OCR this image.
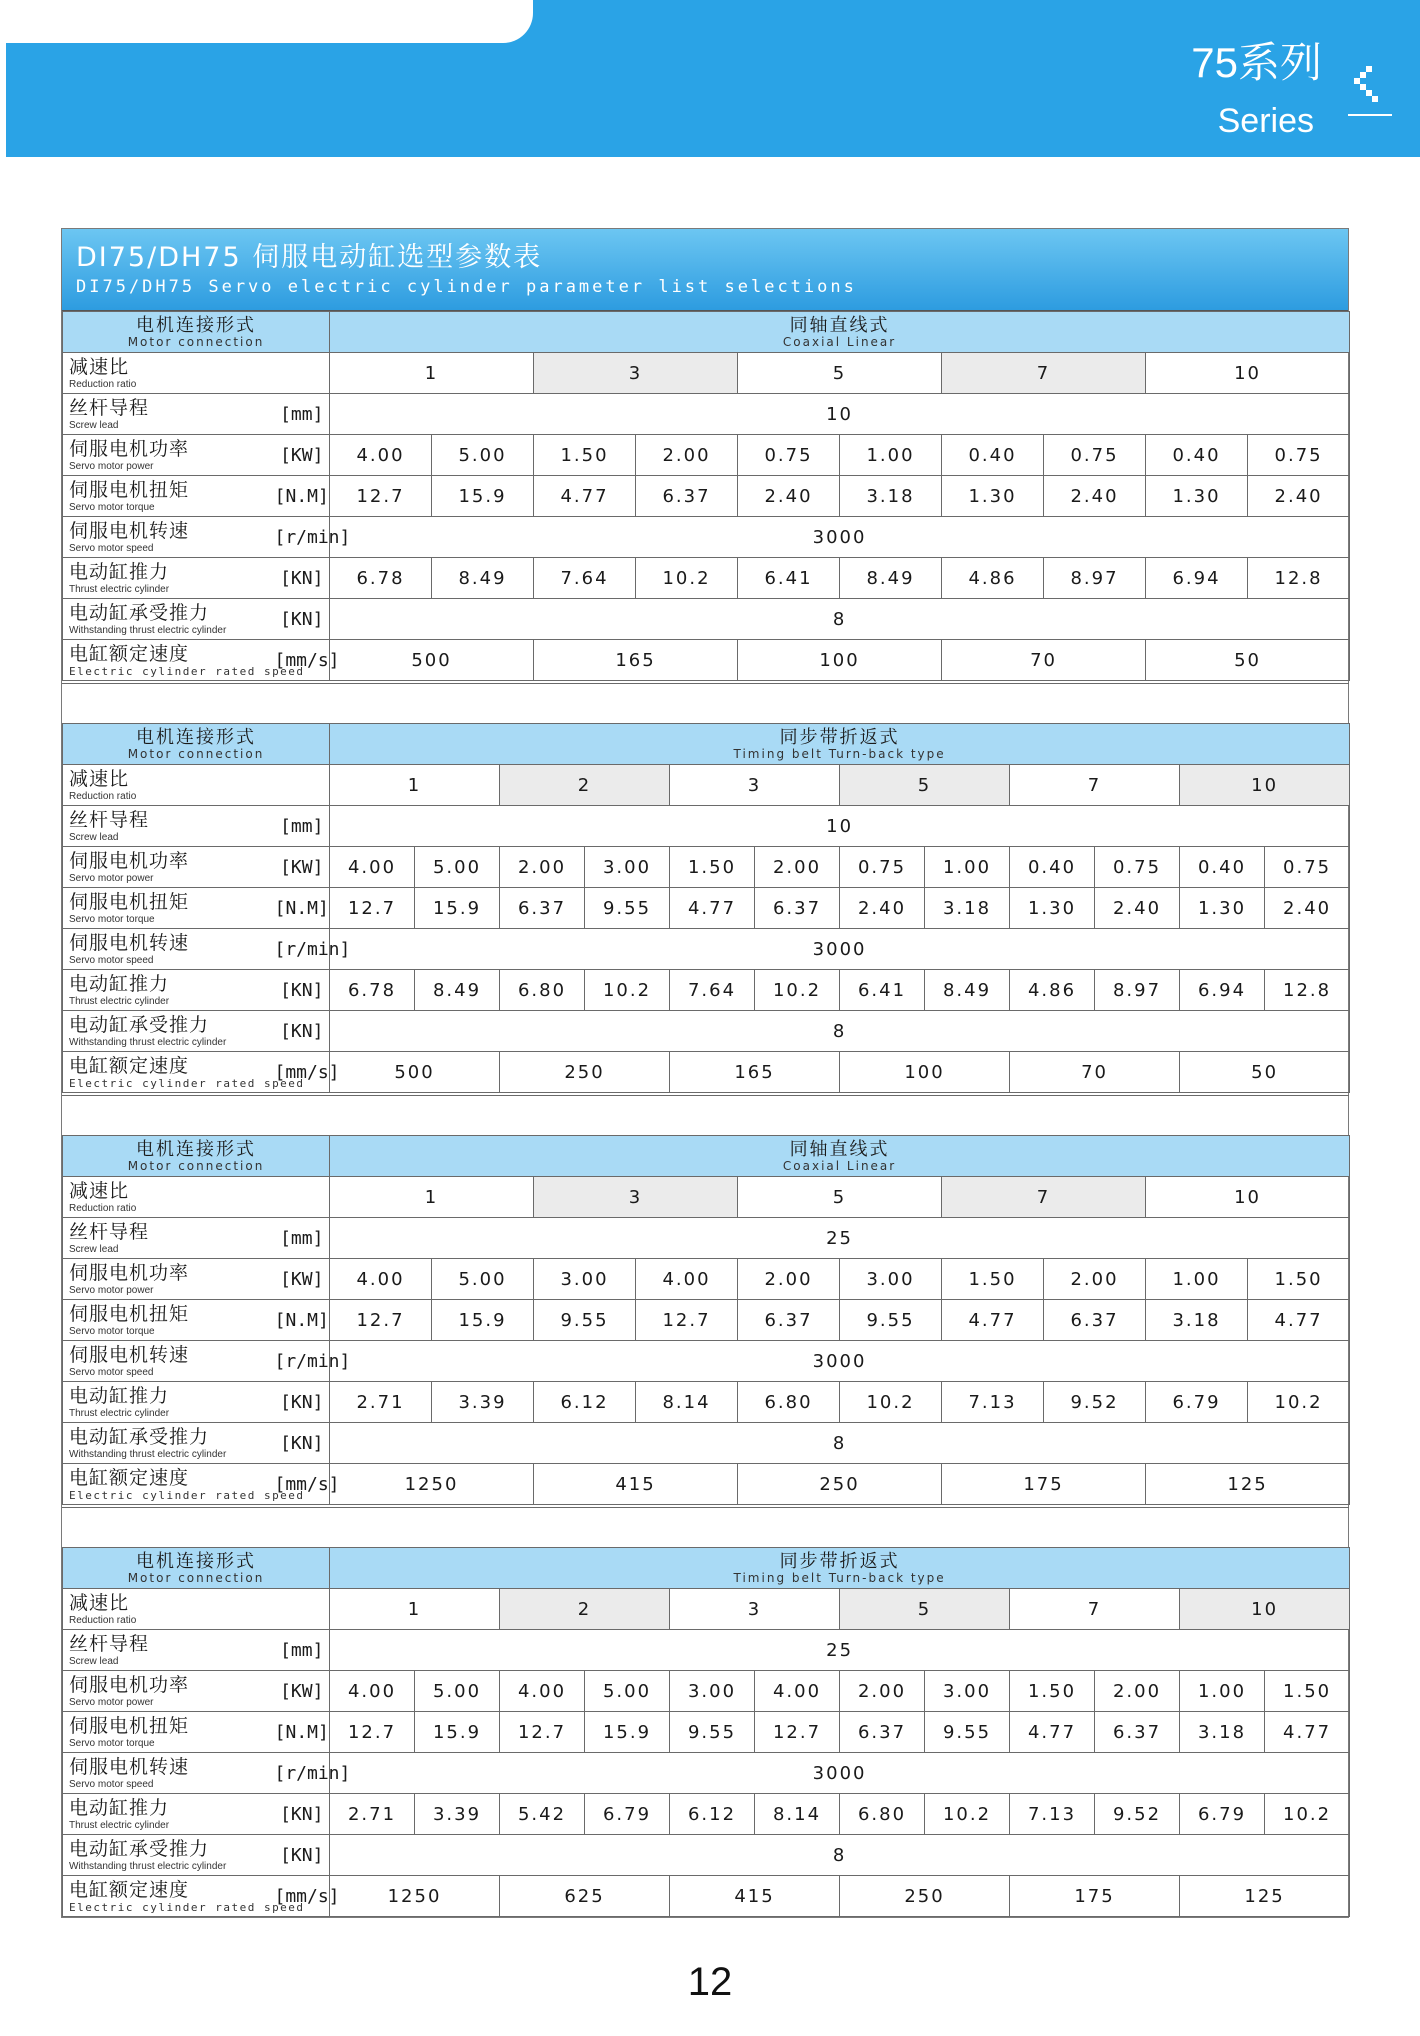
75系列
Series
DI75/DH75 伺服电动缸选型参数表
DI75/DH75 Servo electric cylinder parameter list selections
电机连接形式
Motor connection		同轴直线式
Coaxial Linear									

减速比
Reduction ratio		1		3		5		7		10	

丝杆导程
Screw lead	[mm]	10									

伺服电机功率
Servo motor power	[KW]	4.00	5.00	1.50	2.00	0.75	1.00	0.40	0.75	0.40	0.75

伺服电机扭矩
Servo motor torque	[N.M]	12.7	15.9	4.77	6.37	2.40	3.18	1.30	2.40	1.30	2.40

伺服电机转速
Servo motor speed	[r/min]	3000									

电动缸推力
Thrust electric cylinder	[KN]	6.78	8.49	7.64	10.2	6.41	8.49	4.86	8.97	6.94	12.8

电动缸承受推力
Withstanding thrust electric cylinder	[KN]	8									

电缸额定速度
Electric cylinder rated speed	[mm/s]	500		165		100		70		50	
电机连接形式
Motor connection		同步带折返式
Timing belt Turn-back type											

减速比
Reduction ratio		1		2		3		5		7		10	

丝杆导程
Screw lead	[mm]	10											

伺服电机功率
Servo motor power	[KW]	4.00	5.00	2.00	3.00	1.50	2.00	0.75	1.00	0.40	0.75	0.40	0.75

伺服电机扭矩
Servo motor torque	[N.M]	12.7	15.9	6.37	9.55	4.77	6.37	2.40	3.18	1.30	2.40	1.30	2.40

伺服电机转速
Servo motor speed	[r/min]	3000											

电动缸推力
Thrust electric cylinder	[KN]	6.78	8.49	6.80	10.2	7.64	10.2	6.41	8.49	4.86	8.97	6.94	12.8

电动缸承受推力
Withstanding thrust electric cylinder	[KN]	8											

电缸额定速度
Electric cylinder rated speed	[mm/s]	500		250		165		100		70		50	
电机连接形式
Motor connection		同轴直线式
Coaxial Linear									

减速比
Reduction ratio		1		3		5		7		10	

丝杆导程
Screw lead	[mm]	25									

伺服电机功率
Servo motor power	[KW]	4.00	5.00	3.00	4.00	2.00	3.00	1.50	2.00	1.00	1.50

伺服电机扭矩
Servo motor torque	[N.M]	12.7	15.9	9.55	12.7	6.37	9.55	4.77	6.37	3.18	4.77

伺服电机转速
Servo motor speed	[r/min]	3000									

电动缸推力
Thrust electric cylinder	[KN]	2.71	3.39	6.12	8.14	6.80	10.2	7.13	9.52	6.79	10.2

电动缸承受推力
Withstanding thrust electric cylinder	[KN]	8									

电缸额定速度
Electric cylinder rated speed	[mm/s]	1250		415		250		175		125	
电机连接形式
Motor connection		同步带折返式
Timing belt Turn-back type											

减速比
Reduction ratio		1		2		3		5		7		10	

丝杆导程
Screw lead	[mm]	25											

伺服电机功率
Servo motor power	[KW]	4.00	5.00	4.00	5.00	3.00	4.00	2.00	3.00	1.50	2.00	1.00	1.50

伺服电机扭矩
Servo motor torque	[N.M]	12.7	15.9	12.7	15.9	9.55	12.7	6.37	9.55	4.77	6.37	3.18	4.77

伺服电机转速
Servo motor speed	[r/min]	3000											

电动缸推力
Thrust electric cylinder	[KN]	2.71	3.39	5.42	6.79	6.12	8.14	6.80	10.2	7.13	9.52	6.79	10.2

电动缸承受推力
Withstanding thrust electric cylinder	[KN]	8											

电缸额定速度
Electric cylinder rated speed	[mm/s]	1250		625		415		250		175		125	
12
